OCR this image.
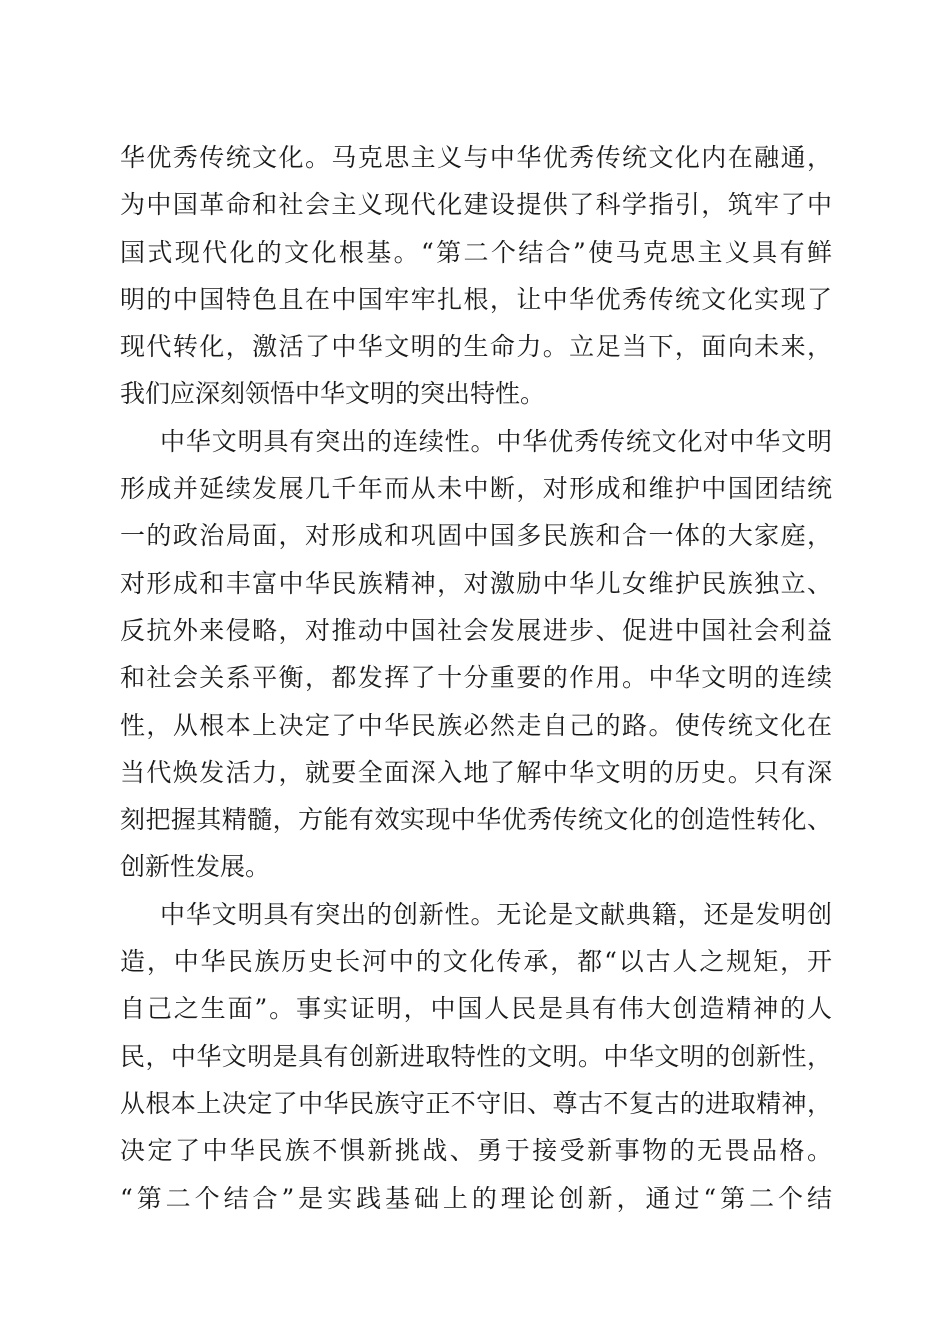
华优秀传统文化。马克思主义与中华优秀传统文化内在融通，
为中国革命和社会主义现代化建设提供了科学指引，筑牢了中
国式现代化的文化根基。“第二个结合”使马克思主义具有鲜
明的中国特色且在中国牢牢扎根，让中华优秀传统文化实现了
现代转化，激活了中华文明的生命力。立足当下，面向未来，
我们应深刻领悟中华文明的突出特性。
中华文明具有突出的连续性。中华优秀传统文化对中华文明
形成并延续发展几千年而从未中断，对形成和维护中国团结统
一的政治局面，对形成和巩固中国多民族和合一体的大家庭，
对形成和丰富中华民族精神，对激励中华儿女维护民族独立、
反抗外来侵略，对推动中国社会发展进步、促进中国社会利益
和社会关系平衡，都发挥了十分重要的作用。中华文明的连续
性，从根本上决定了中华民族必然走自己的路。使传统文化在
当代焕发活力，就要全面深入地了解中华文明的历史。只有深
刻把握其精髓，方能有效实现中华优秀传统文化的创造性转化、
创新性发展。
中华文明具有突出的创新性。无论是文献典籍，还是发明创
造，中华民族历史长河中的文化传承，都“以古人之规矩，开
自己之生面”。事实证明，中国人民是具有伟大创造精神的人
民，中华文明是具有创新进取特性的文明。中华文明的创新性，
从根本上决定了中华民族守正不守旧、尊古不复古的进取精神，
决定了中华民族不惧新挑战、勇于接受新事物的无畏品格。
“第二个结合”是实践基础上的理论创新，通过“第二个结
